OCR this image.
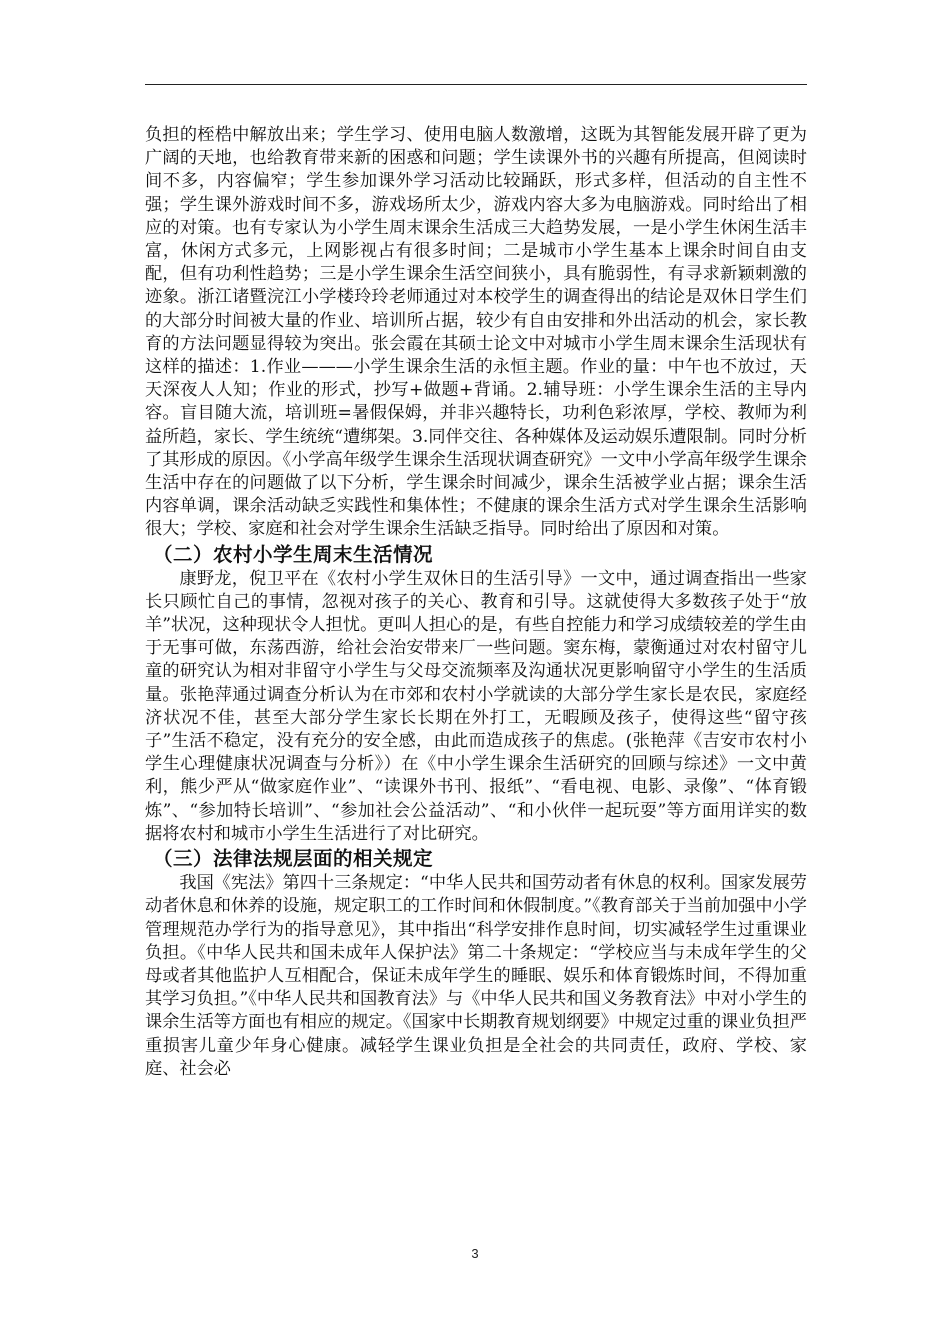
负担的桎梏中解放出来；学生学习、使用电脑人数激增，这既为其智能发展开辟了更为广阔的天地，也给教育带来新的困惑和问题；学生读课外书的兴趣有所提高，但阅读时间不多，内容偏窄；学生参加课外学习活动比较踊跃，形式多样，但活动的自主性不强；学生课外游戏时间不多，游戏场所太少，游戏内容大多为电脑游戏。同时给出了相应的对策。也有专家认为小学生周末课余生活成三大趋势发展，一是小学生休闲生活丰富，休闲方式多元，上网影视占有很多时间；二是城市小学生基本上课余时间自由支配，但有功利性趋势；三是小学生课余生活空间狭小，具有脆弱性，有寻求新颖刺激的迹象。浙江诸暨浣江小学楼玲玲老师通过对本校学生的调查得出的结论是双休日学生们的大部分时间被大量的作业、培训所占据，较少有自由安排和外出活动的机会，家长教育的方法问题显得较为突出。张会霞在其硕士论文中对城市小学生周末课余生活现状有这样的描述：1.作业———小学生课余生活的永恒主题。作业的量：中午也不放过，天天深夜人人知；作业的形式，抄写+做题+背诵。2.辅导班：小学生课余生活的主导内容。盲目随大流，培训班=暑假保姆，并非兴趣特长，功利色彩浓厚，学校、教师为利益所趋，家长、学生统统“遭绑架。3.同伴交往、各种媒体及运动娱乐遭限制。同时分析了其形成的原因。《小学高年级学生课余生活现状调查研究》一文中小学高年级学生课余生活中存在的问题做了以下分析，学生课余时间减少，课余生活被学业占据；课余生活内容单调，课余活动缺乏实践性和集体性；不健康的课余生活方式对学生课余生活影响很大；学校、家庭和社会对学生课余生活缺乏指导。同时给出了原因和对策。

（二）农村小学生周末生活情况

康野龙，倪卫平在《农村小学生双休日的生活引导》一文中，通过调查指出一些家长只顾忙自己的事情，忽视对孩子的关心、教育和引导。这就使得大多数孩子处于“放羊”状况，这种现状令人担忧。更叫人担心的是，有些自控能力和学习成绩较差的学生由于无事可做，东荡西游，给社会治安带来厂一些问题。窦东梅，蒙衡通过对农村留守儿童的研究认为相对非留守小学生与父母交流频率及沟通状况更影响留守小学生的生活质量。张艳萍通过调查分析认为在市郊和农村小学就读的大部分学生家长是农民，家庭经济状况不佳，甚至大部分学生家长长期在外打工，无暇顾及孩子，使得这些“留守孩子”生活不稳定，没有充分的安全感，由此而造成孩子的焦虑。(张艳萍《吉安市农村小学生心理健康状况调查与分析》）在《中小学生课余生活研究的回顾与综述》一文中黄利，熊少严从“做家庭作业”、“读课外书刊、报纸”、“看电视、电影、录像”、“体育锻炼”、“参加特长培训”、“参加社会公益活动”、“和小伙伴一起玩耍”等方面用详实的数据将农村和城市小学生生活进行了对比研究。

（三）法律法规层面的相关规定

我国《宪法》第四十三条规定：“中华人民共和国劳动者有休息的权利。国家发展劳动者休息和休养的设施，规定职工的工作时间和休假制度。”《教育部关于当前加强中小学管理规范办学行为的指导意见》，其中指出“科学安排作息时间，切实减轻学生过重课业负担。《中华人民共和国未成年人保护法》第二十条规定：“学校应当与未成年学生的父母或者其他监护人互相配合，保证未成年学生的睡眠、娱乐和体育锻炼时间，不得加重其学习负担。”《中华人民共和国教育法》与《中华人民共和国义务教育法》中对小学生的课余生活等方面也有相应的规定。《国家中长期教育规划纲要》中规定过重的课业负担严重损害儿童少年身心健康。减轻学生课业负担是全社会的共同责任，政府、学校、家庭、社会必

3
